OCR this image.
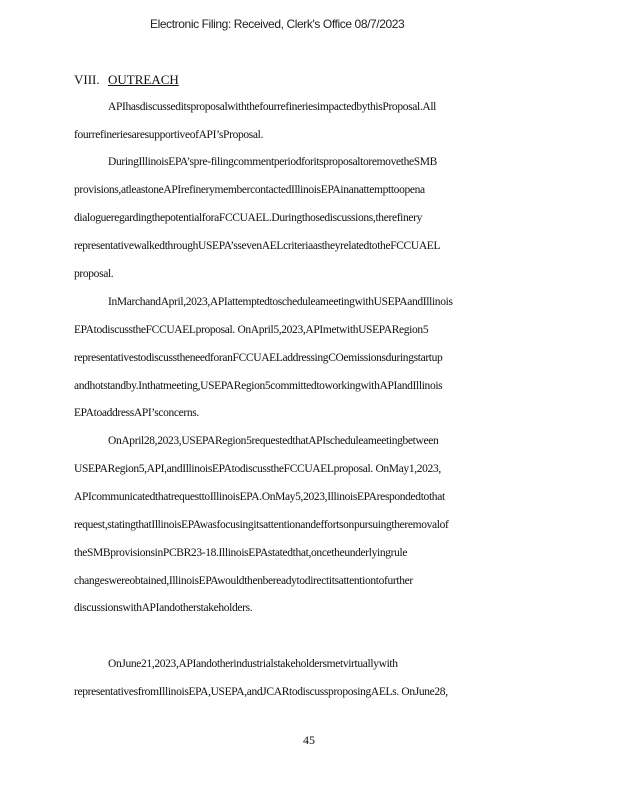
Electronic Filing: Received, Clerk's Office 08/7/2023
VIII. OUTREACH
APIhasdiscusseditsproposalwiththefourrefineriesimpactedbythisProposal.All
fourrefineriesaresupportiveofAPI’sProposal.
DuringIllinoisEPA’spre-filingcommentperiodforitsproposaltoremovetheSMB
provisions,atleastoneAPIrefinerymembercontactedIllinoisEPAinanattempttoopena
dialogueregardingthepotentialforaFCCUAEL.Duringthosediscussions,therefinery
representativewalkedthroughUSEPA’ssevenAELcriteriaastheyrelatedtotheFCCUAEL
proposal.
InMarchandApril,2023,APIattemptedtoscheduleameetingwithUSEPAandIllinois
EPAtodiscusstheFCCUAELproposal. OnApril5,2023,APImetwithUSEPARegion5
representativestodiscusstheneedforanFCCUAELaddressingCOemissionsduringstartup
andhotstandby.Inthatmeeting,USEPARegion5committedtoworkingwithAPIandIllinois
EPAtoaddressAPI’sconcerns.
OnApril28,2023,USEPARegion5requestedthatAPIscheduleameetingbetween
USEPARegion5,API,andIllinoisEPAtodiscusstheFCCUAELproposal. OnMay1,2023,
APIcommunicatedthatrequesttoIllinoisEPA.OnMay5,2023,IllinoisEPArespondedtothat
request,statingthatIllinoisEPAwasfocusingitsattentionandeffortsonpursuingtheremovalof
theSMBprovisionsinPCBR23-18.IllinoisEPAstatedthat,oncetheunderlyingrule
changeswereobtained,IllinoisEPAwouldthenbereadytodirectitsattentiontofurther
discussionswithAPIandotherstakeholders.
OnJune21,2023,APIandotherindustrialstakeholdersmetvirtuallywith
representativesfromIllinoisEPA,USEPA,andJCARtodiscussproposingAELs. OnJune28,
45
